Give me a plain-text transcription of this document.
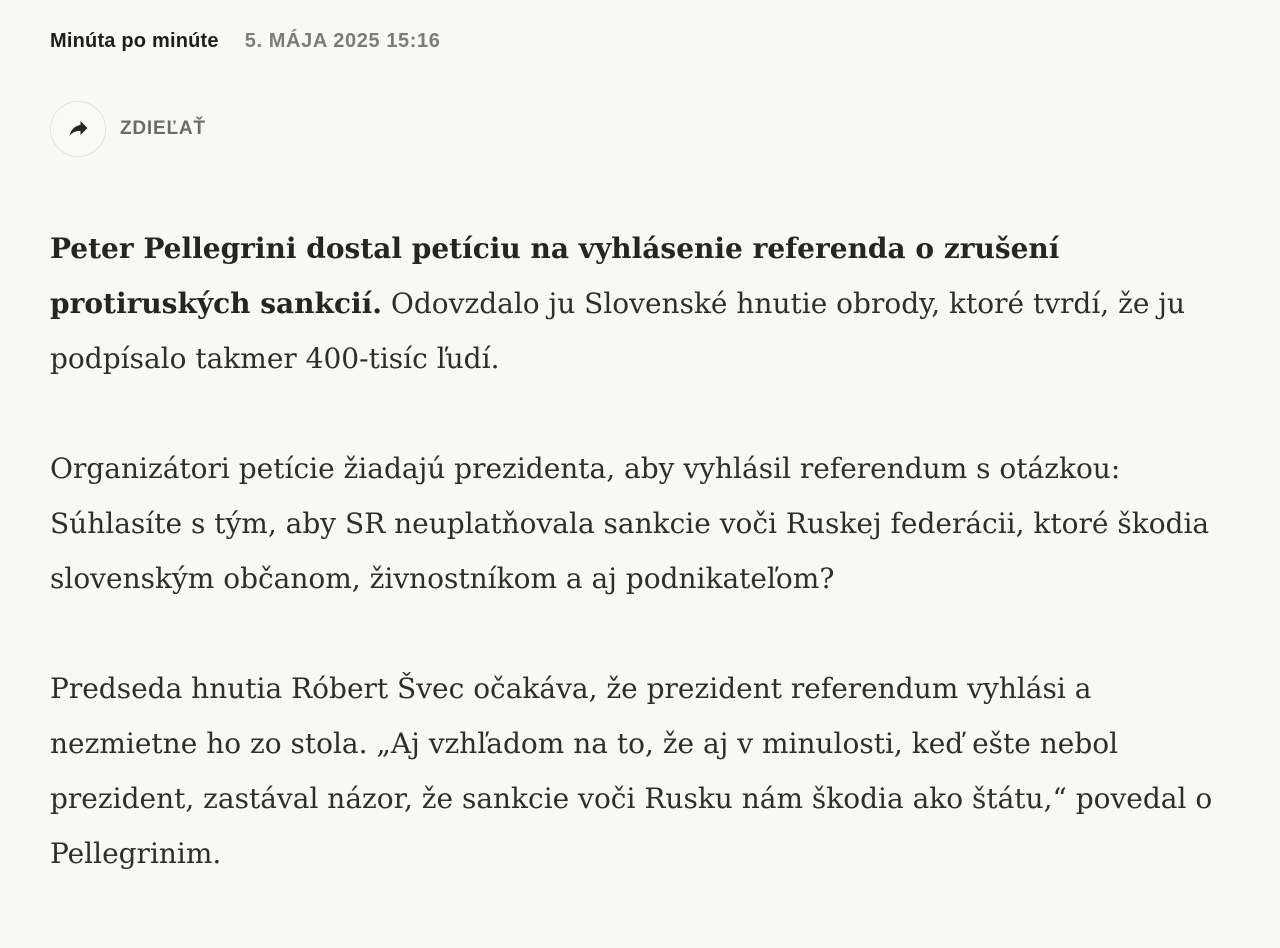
Minúta po minúte 5. MÁJA 2025 15:16
ZDIEĽAŤ

Peter Pellegrini dostal petíciu na vyhlásenie referenda o zrušení protiruských sankcií. Odovzdalo ju Slovenské hnutie obrody, ktoré tvrdí, že ju podpísalo takmer 400-tisíc ľudí.

Organizátori petície žiadajú prezidenta, aby vyhlásil referendum s otázkou: Súhlasíte s tým, aby SR neuplatňovala sankcie voči Ruskej federácii, ktoré škodia slovenským občanom, živnostníkom a aj podnikateľom?

Predseda hnutia Róbert Švec očakáva, že prezident referendum vyhlási a nezmietne ho zo stola. „Aj vzhľadom na to, že aj v minulosti, keď ešte nebol prezident, zastával názor, že sankcie voči Rusku nám škodia ako štátu,“ povedal o Pellegrinim.
